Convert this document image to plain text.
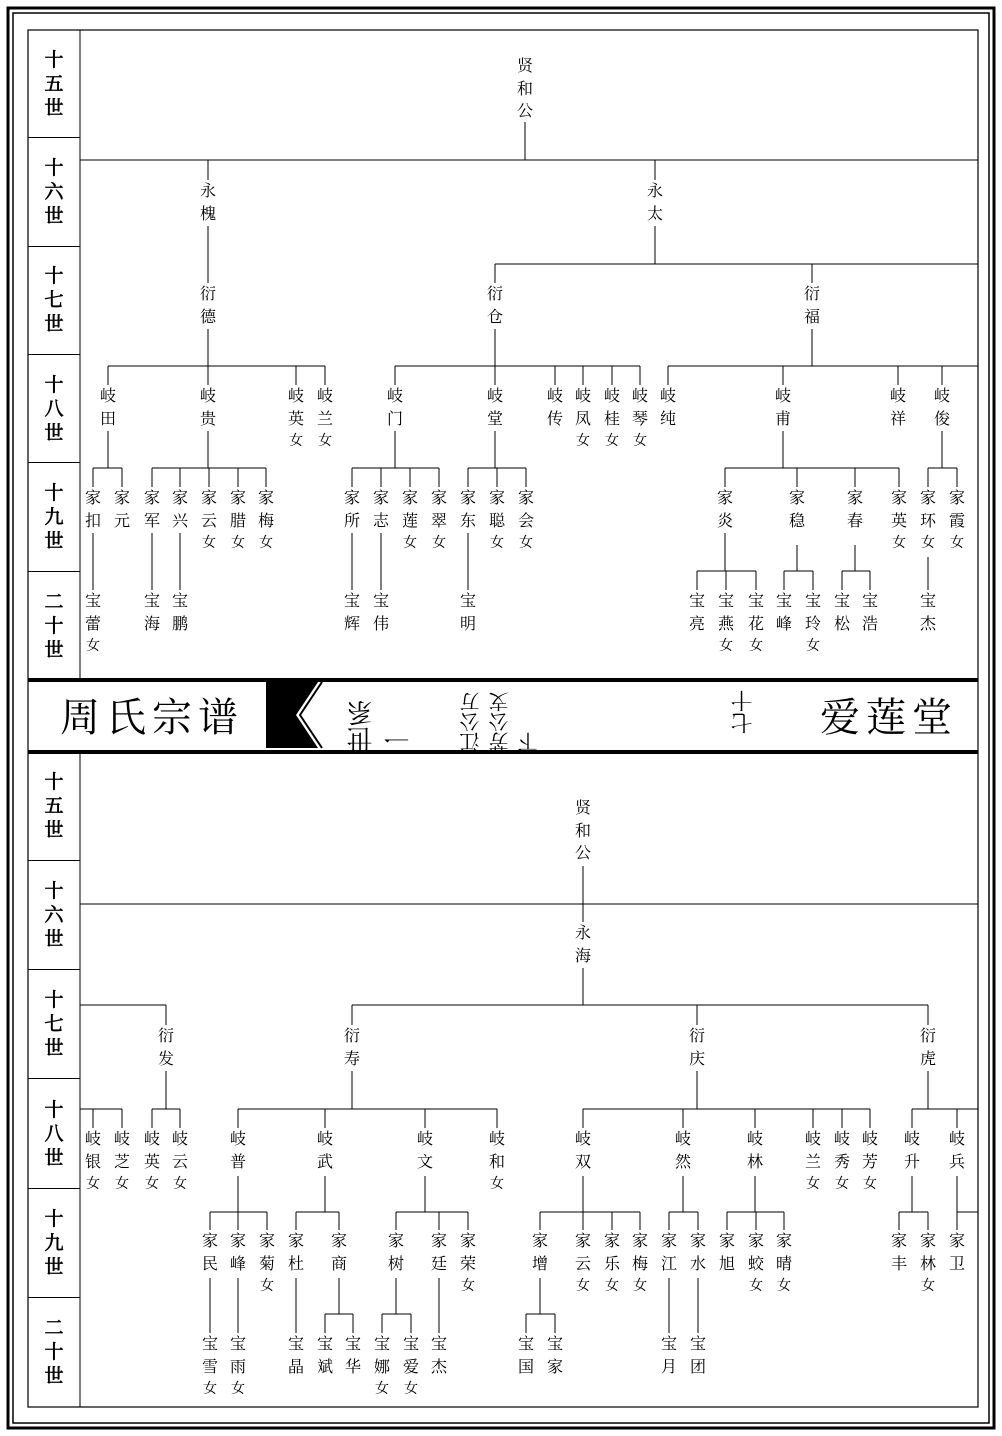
十
五
世
十
六
世
十
七
世
十
八
世
十
九
世
二
十
世
十
五
世
十
六
世
十
七
世
十
八
世
十
九
世
二
十
世
贤
和
公
永
槐
永
太
衍
德
衍
仓
衍
福
岐
田
岐
贵
岐
英
女
岐
兰
女
岐
门
岐
堂
岐
传
岐
凤
女
岐
桂
女
岐
琴
女
岐
纯
岐
甫
岐
祥
岐
俊
家
扣
家
元
家
军
家
兴
家
云
女
家
腊
女
家
梅
女
家
所
家
志
家
莲
女
家
翠
女
家
东
家
聪
女
家
会
女
家
炎
家
稳
家
春
家
英
女
家
环
女
家
霞
女
宝
蕾
女
宝
海
宝
鹏
宝
辉
宝
伟
宝
明
宝
亮
宝
燕
女
宝
花
女
宝
峰
宝
玲
女
宝
松
宝
浩
宝
杰
贤
和
公
永
海
衍
发
衍
寿
衍
庆
衍
虎
岐
银
女
岐
芝
女
岐
英
女
岐
云
女
岐
普
岐
武
岐
文
岐
和
女
岐
双
岐
然
岐
林
岐
兰
女
岐
秀
女
岐
芳
女
岐
升
岐
兵
家
民
家
峰
家
菊
女
家
杜
家
商
家
树
家
廷
家
荣
女
家
增
家
云
女
家
乐
女
家
梅
女
家
江
家
水
家
旭
家
蛟
女
家
晴
女
家
丰
家
林
女
家
卫
宝
雪
女
宝
雨
女
宝
晶
宝
斌
宝
华
宝
娜
女
宝
爱
女
宝
杰
宝
国
宝
家
宝
月
宝
团
周 氏 宗 谱	世系一 江公万芳公支下
七十 爱 莲 堂
